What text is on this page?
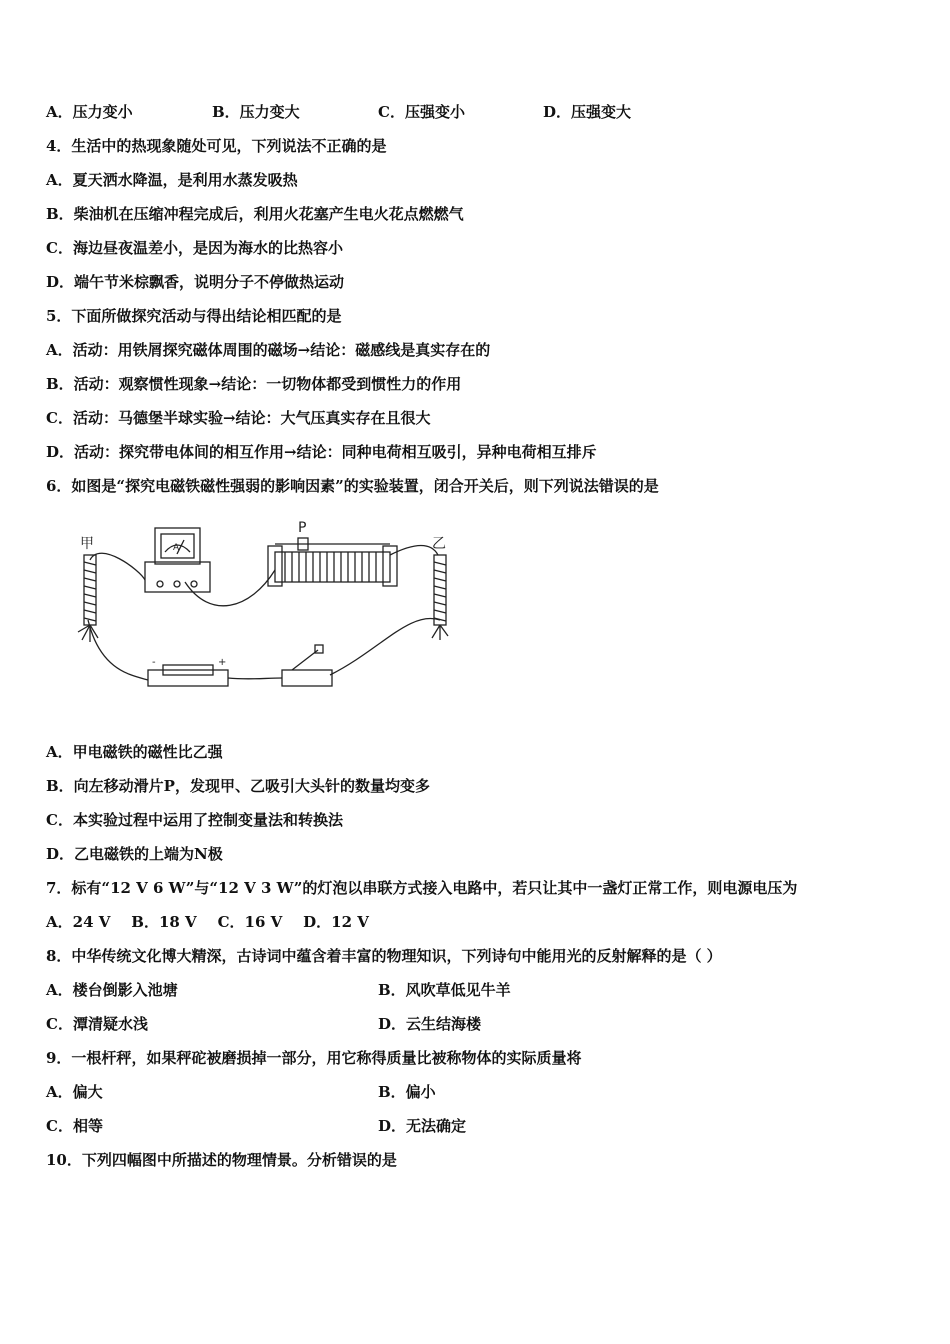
A．压力变小	B．压力变大	C．压强变小	D．压强变大
4．生活中的热现象随处可见，下列说法不正确的是
A．夏天洒水降温，是利用水蒸发吸热
B．柴油机在压缩冲程完成后，利用火花塞产生电火花点燃燃气
C．海边昼夜温差小，是因为海水的比热容小
D．端午节米棕飘香，说明分子不停做热运动
5．下面所做探究活动与得出结论相匹配的是
A．活动：用铁屑探究磁体周围的磁场→结论：磁感线是真实存在的
B．活动：观察惯性现象→结论：一切物体都受到惯性力的作用
C．活动：马德堡半球实验→结论：大气压真实存在且很大
D．活动：探究带电体间的相互作用→结论：同种电荷相互吸引，异种电荷相互排斥
6．如图是“探究电磁铁磁性强弱的影响因素”的实验装置，闭合开关后，则下列说法错误的是
甲	乙
P
A
-	+
A．甲电磁铁的磁性比乙强
B．向左移动滑片P，发现甲、乙吸引大头针的数量均变多
C．本实验过程中运用了控制变量法和转换法
D．乙电磁铁的上端为N极
7．标有“12 V 6 W”与“12 V 3 W”的灯泡以串联方式接入电路中，若只让其中一盏灯正常工作，则电源电压为
A．24 V    B．18 V    C．16 V    D．12 V
8．中华传统文化博大精深，古诗词中蕴含着丰富的物理知识，下列诗句中能用光的反射解释的是（ ）
A．楼台倒影入池塘	B．风吹草低见牛羊
C．潭清疑水浅	D．云生结海楼
9．一根杆秤，如果秤砣被磨损掉一部分，用它称得质量比被称物体的实际质量将
A．偏大	B．偏小
C．相等	D．无法确定
10．下列四幅图中所描述的物理情景。分析错误的是
